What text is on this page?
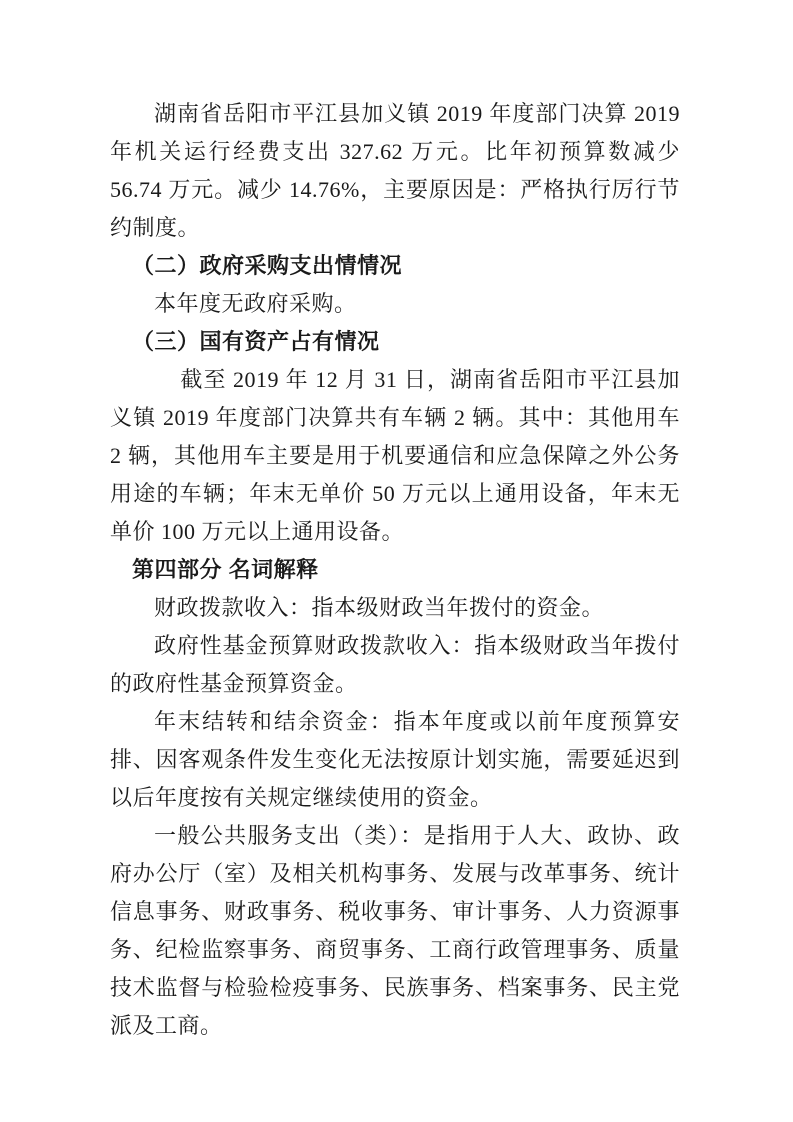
湖南省岳阳市平江县加义镇 2019 年度部门决算 2019 年机关运行经费支出 327.62 万元。比年初预算数减少 56.74 万元。减少 14.76%，主要原因是：严格执行厉行节约制度。

（二）政府采购支出情情况

本年度无政府采购。

（三）国有资产占有情况

截至 2019 年 12 月 31 日，湖南省岳阳市平江县加义镇 2019 年度部门决算共有车辆 2 辆。其中：其他用车 2 辆，其他用车主要是用于机要通信和应急保障之外公务用途的车辆；年末无单价 50 万元以上通用设备，年末无单价 100 万元以上通用设备。

第四部分 名词解释

财政拨款收入：指本级财政当年拨付的资金。

政府性基金预算财政拨款收入：指本级财政当年拨付的政府性基金预算资金。

年末结转和结余资金：指本年度或以前年度预算安排、因客观条件发生变化无法按原计划实施，需要延迟到以后年度按有关规定继续使用的资金。

一般公共服务支出（类）：是指用于人大、政协、政府办公厅（室）及相关机构事务、发展与改革事务、统计信息事务、财政事务、税收事务、审计事务、人力资源事务、纪检监察事务、商贸事务、工商行政管理事务、质量技术监督与检验检疫事务、民族事务、档案事务、民主党派及工商。
